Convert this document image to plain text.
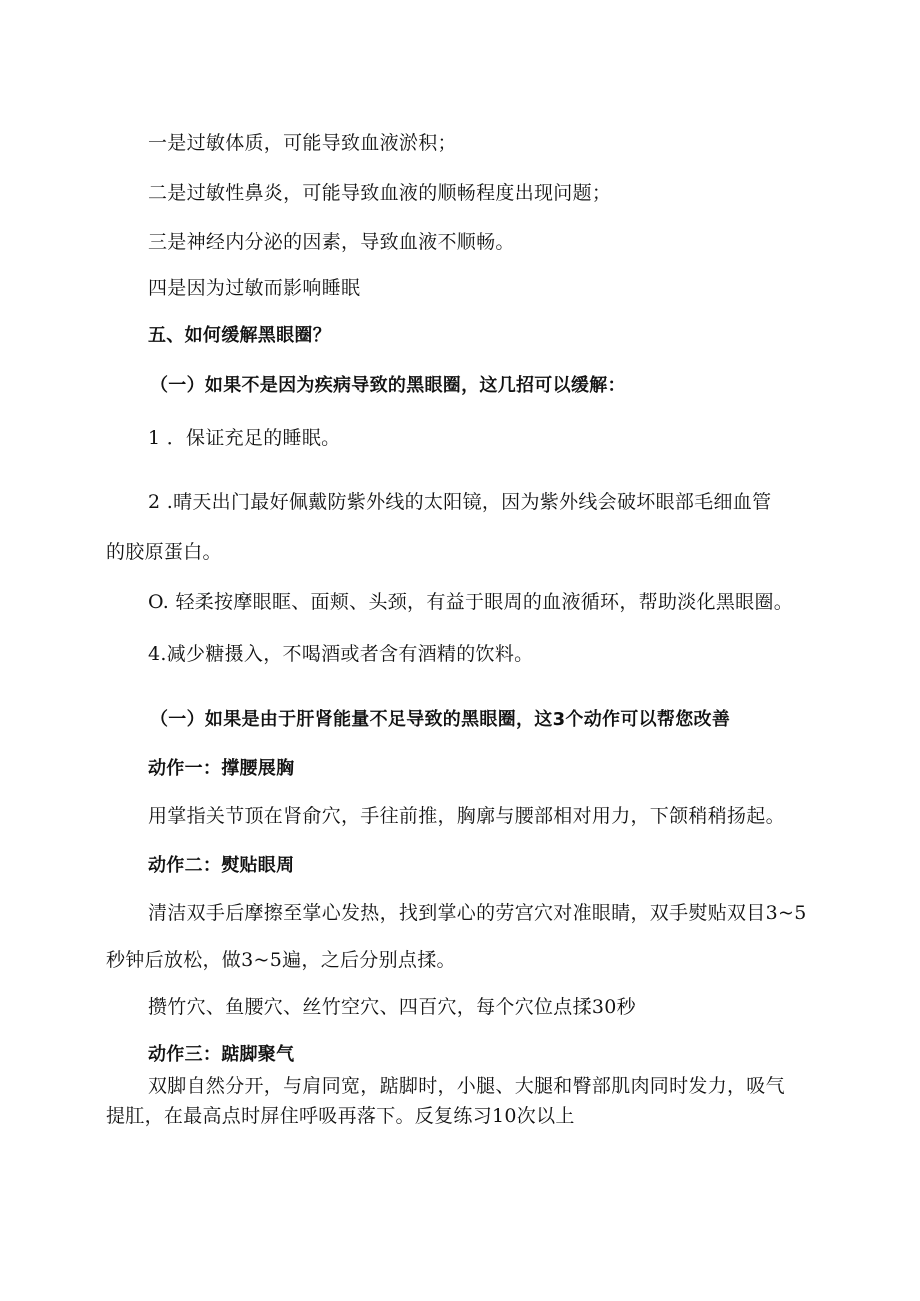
一是过敏体质，可能导致血液淤积；
二是过敏性鼻炎，可能导致血液的顺畅程度出现问题；
三是神经内分泌的因素，导致血液不顺畅。
四是因为过敏而影响睡眠
五、如何缓解黑眼圈？
（一）如果不是因为疾病导致的黑眼圈，这几招可以缓解：
1 ．保证充足的睡眠。
2 .晴天出门最好佩戴防紫外线的太阳镜，因为紫外线会破坏眼部毛细血管
的胶原蛋白。
O. 轻柔按摩眼眶、面颊、头颈，有益于眼周的血液循环，帮助淡化黑眼圈。
4.减少糖摄入，不喝酒或者含有酒精的饮料。
（一）如果是由于肝肾能量不足导致的黑眼圈，这3个动作可以帮您改善
动作一：撑腰展胸
用掌指关节顶在肾俞穴，手往前推，胸廓与腰部相对用力，下颌稍稍扬起。
动作二：熨贴眼周
清洁双手后摩擦至掌心发热，找到掌心的劳宫穴对准眼睛，双手熨贴双目3~5
秒钟后放松，做3~5遍，之后分别点揉。
攒竹穴、鱼腰穴、丝竹空穴、四百穴，每个穴位点揉30秒
动作三：踮脚聚气
双脚自然分开，与肩同宽，踮脚时，小腿、大腿和臀部肌肉同时发力，吸气
提肛，在最高点时屏住呼吸再落下。反复练习10次以上
